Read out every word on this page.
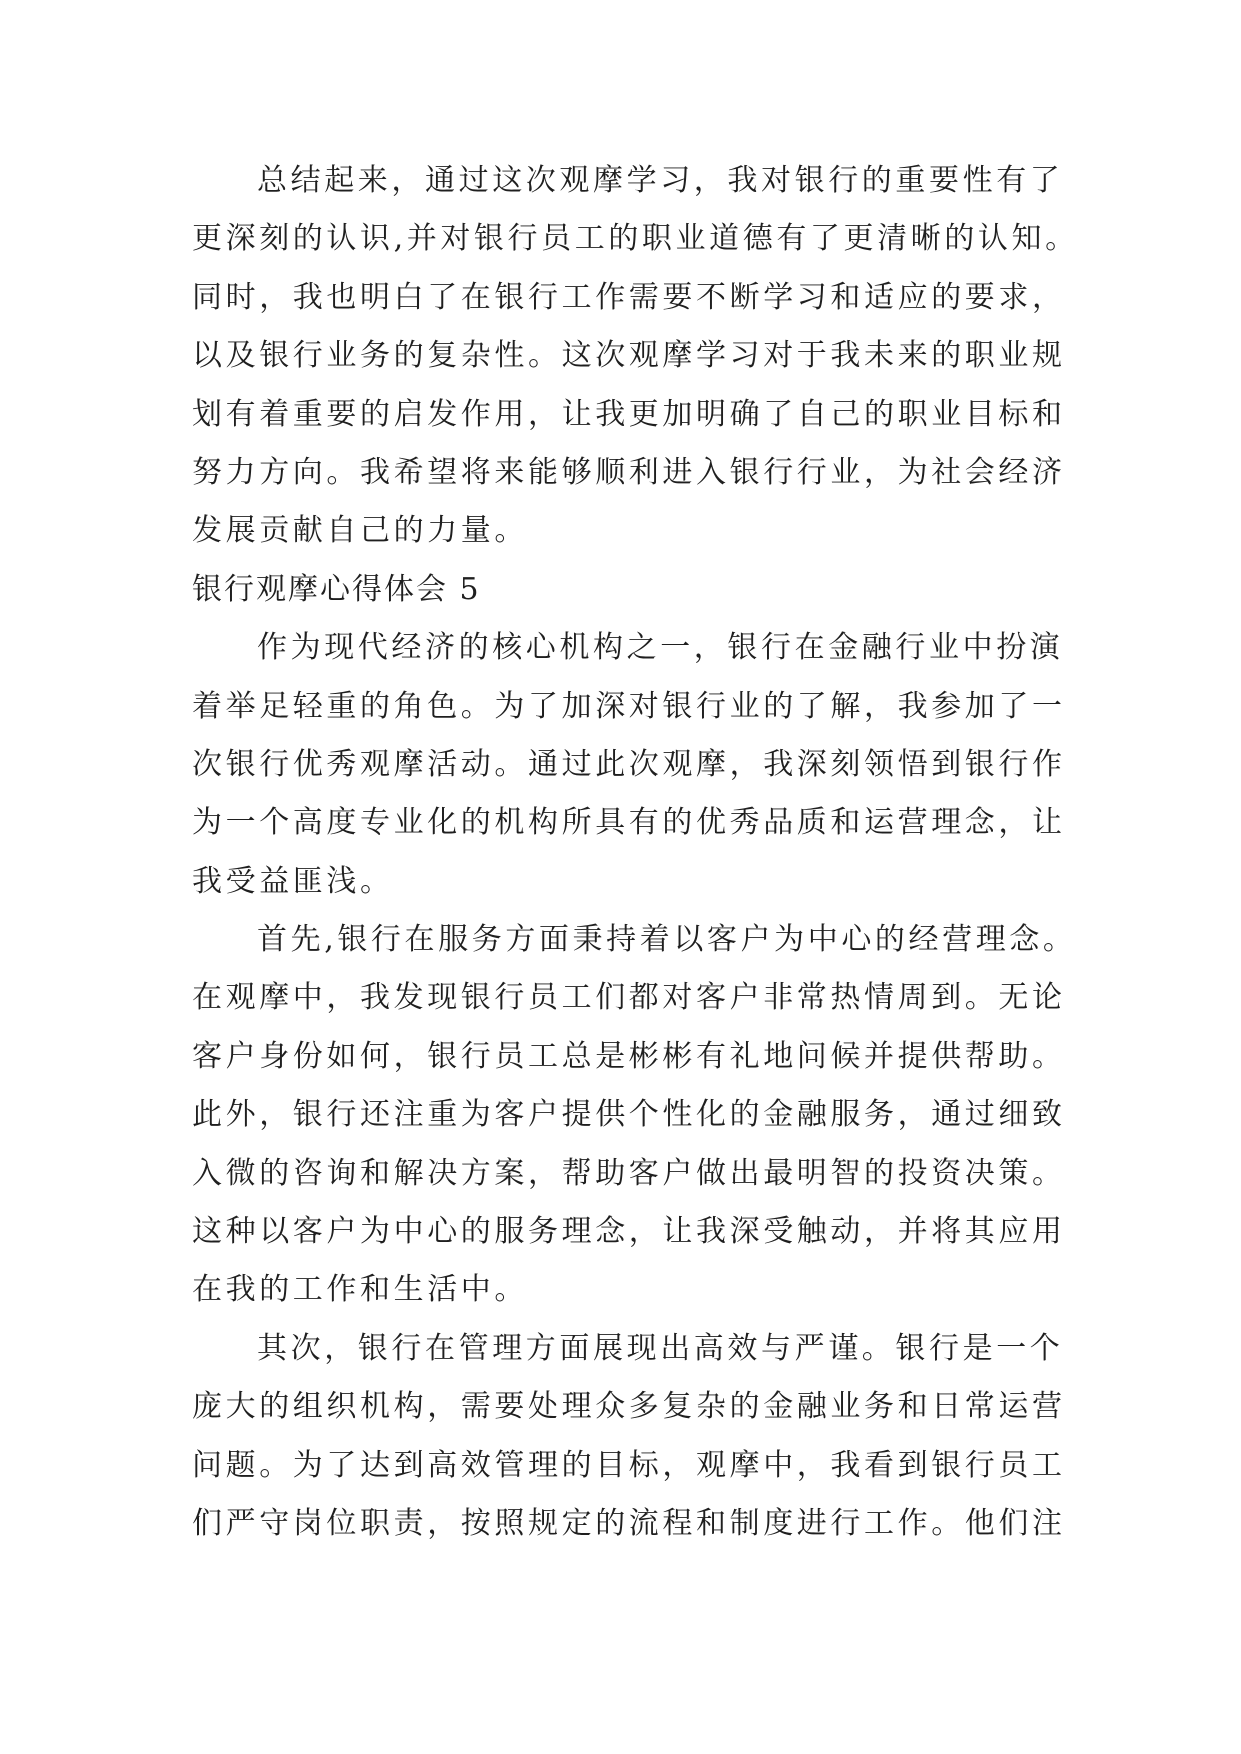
总结起来，通过这次观摩学习，我对银行的重要性有了
更深刻的认识,并对银行员工的职业道德有了更清晰的认知。
同时，我也明白了在银行工作需要不断学习和适应的要求，
以及银行业务的复杂性。这次观摩学习对于我未来的职业规
划有着重要的启发作用，让我更加明确了自己的职业目标和
努力方向。我希望将来能够顺利进入银行行业，为社会经济
发展贡献自己的力量。
银行观摩心得体会 5
作为现代经济的核心机构之一，银行在金融行业中扮演
着举足轻重的角色。为了加深对银行业的了解，我参加了一
次银行优秀观摩活动。通过此次观摩，我深刻领悟到银行作
为一个高度专业化的机构所具有的优秀品质和运营理念，让
我受益匪浅。
首先,银行在服务方面秉持着以客户为中心的经营理念。
在观摩中，我发现银行员工们都对客户非常热情周到。无论
客户身份如何，银行员工总是彬彬有礼地问候并提供帮助。
此外，银行还注重为客户提供个性化的金融服务，通过细致
入微的咨询和解决方案，帮助客户做出最明智的投资决策。
这种以客户为中心的服务理念，让我深受触动，并将其应用
在我的工作和生活中。
其次，银行在管理方面展现出高效与严谨。银行是一个
庞大的组织机构，需要处理众多复杂的金融业务和日常运营
问题。为了达到高效管理的目标，观摩中，我看到银行员工
们严守岗位职责，按照规定的流程和制度进行工作。他们注
